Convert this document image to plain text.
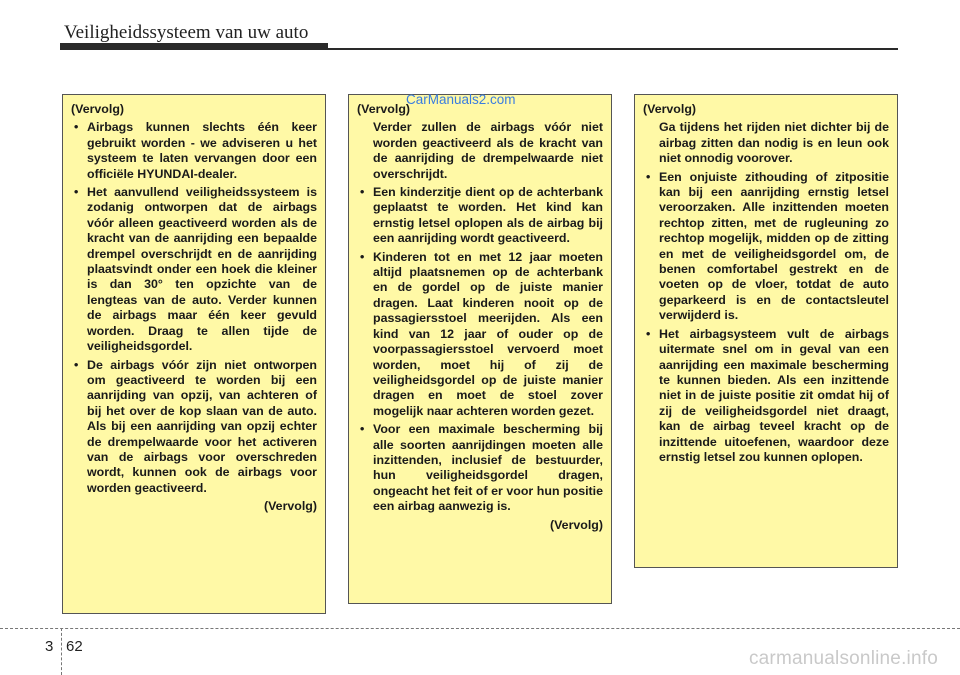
Veiligheidssysteem van uw auto
(Vervolg)
• Airbags kunnen slechts één keer gebruikt worden - we adviseren u het systeem te laten vervangen door een officiële HYUNDAI-dealer.
• Het aanvullend veiligheidssysteem is zodanig ontworpen dat de airbags vóór alleen geactiveerd worden als de kracht van de aanrijding een bepaalde drempel overschrijdt en de aanrijding plaatsvindt onder een hoek die kleiner is dan 30° ten opzichte van de lengteas van de auto. Verder kunnen de airbags maar één keer gevuld worden. Draag te allen tijde de veiligheidsgordel.
• De airbags vóór zijn niet ontworpen om geactiveerd te worden bij een aanrijding van opzij, van achteren of bij het over de kop slaan van de auto. Als bij een aanrijding van opzij echter de drempelwaarde voor het activeren van de airbags voor overschreden wordt, kunnen ook de airbags voor worden geactiveerd.
(Vervolg)
(Vervolg)
Verder zullen de airbags vóór niet worden geactiveerd als de kracht van de aanrijding de drempelwaarde niet overschrijdt.
• Een kinderzitje dient op de achterbank geplaatst te worden. Het kind kan ernstig letsel oplopen als de airbag bij een aanrijding wordt geactiveerd.
• Kinderen tot en met 12 jaar moeten altijd plaatsnemen op de achterbank en de gordel op de juiste manier dragen. Laat kinderen nooit op de passagiersstoel meerijden. Als een kind van 12 jaar of ouder op de voorpassagiersstoel vervoerd moet worden, moet hij of zij de veiligheidsgordel op de juiste manier dragen en moet de stoel zover mogelijk naar achteren worden gezet.
• Voor een maximale bescherming bij alle soorten aanrijdingen moeten alle inzittenden, inclusief de bestuurder, hun veiligheidsgordel dragen, ongeacht het feit of er voor hun positie een airbag aanwezig is.
(Vervolg)
(Vervolg)
Ga tijdens het rijden niet dichter bij de airbag zitten dan nodig is en leun ook niet onnodig voorover.
• Een onjuiste zithouding of zitpositie kan bij een aanrijding ernstig letsel veroorzaken. Alle inzittenden moeten rechtop zitten, met de rugleuning zo rechtop mogelijk, midden op de zitting en met de veiligheidsgordel om, de benen comfortabel gestrekt en de voeten op de vloer, totdat de auto geparkeerd is en de contactsleutel verwijderd is.
• Het airbagsysteem vult de airbags uitermate snel om in geval van een aanrijding een maximale bescherming te kunnen bieden. Als een inzittende niet in de juiste positie zit omdat hij of zij de veiligheidsgordel niet draagt, kan de airbag teveel kracht op de inzittende uitoefenen, waardoor deze ernstig letsel zou kunnen oplopen.
CarManuals2.com
3 62
carmanualsonline.info
